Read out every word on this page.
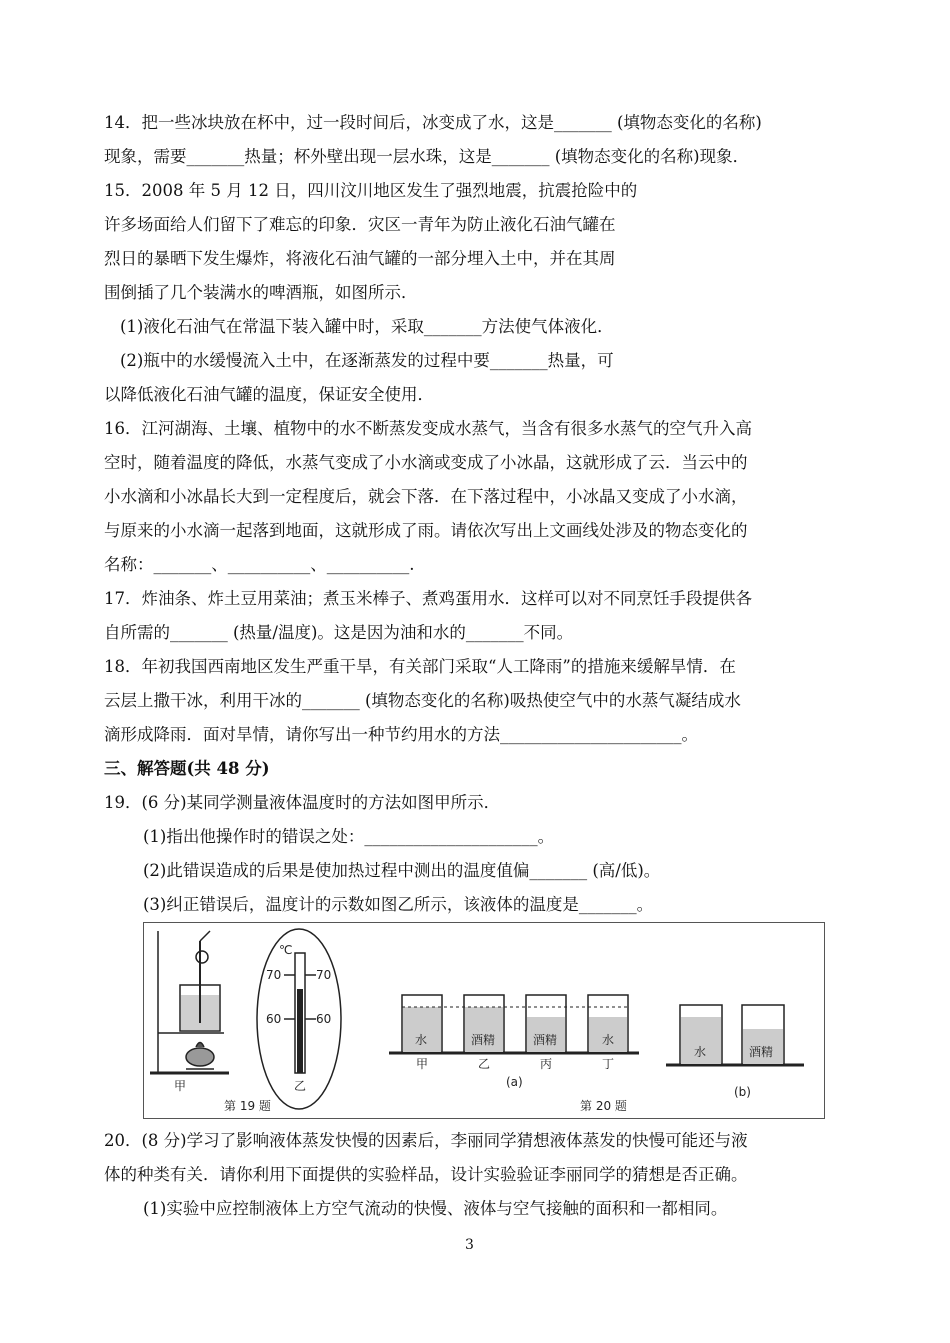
14．把一些冰块放在杯中，过一段时间后，冰变成了水，这是_______ (填物态变化的名称)
现象，需要_______热量；杯外壁出现一层水珠，这是_______ (填物态变化的名称)现象．
15．2008 年 5 月 12 日，四川汶川地区发生了强烈地震，抗震抢险中的
许多场面给人们留下了难忘的印象．灾区一青年为防止液化石油气罐在
烈日的暴晒下发生爆炸，将液化石油气罐的一部分埋入土中，并在其周
围倒插了几个装满水的啤酒瓶，如图所示．
(1)液化石油气在常温下装入罐中时，采取_______方法使气体液化．
(2)瓶中的水缓慢流入土中，在逐渐蒸发的过程中要_______热量，可
以降低液化石油气罐的温度，保证安全使用．
16．江河湖海、土壤、植物中的水不断蒸发变成水蒸气，当含有很多水蒸气的空气升入高
空时，随着温度的降低，水蒸气变成了小水滴或变成了小冰晶，这就形成了云．当云中的
小水滴和小冰晶长大到一定程度后，就会下落．在下落过程中，小冰晶又变成了小水滴，
与原来的小水滴一起落到地面，这就形成了雨。请依次写出上文画线处涉及的物态变化的
名称：_______、__________、__________.
17．炸油条、炸土豆用菜油；煮玉米棒子、煮鸡蛋用水．这样可以对不同烹饪手段提供各
自所需的_______ (热量/温度)。这是因为油和水的_______不同。
18．年初我国西南地区发生严重干旱，有关部门采取“人工降雨”的措施来缓解旱情．在
云层上撒干冰，利用干冰的_______ (填物态变化的名称)吸热使空气中的水蒸气凝结成水
滴形成降雨．面对旱情，请你写出一种节约用水的方法______________________。
三、解答题(共 48 分)
19．(6 分)某同学测量液体温度时的方法如图甲所示．
(1)指出他操作时的错误之处：_____________________。
(2)此错误造成的后果是使加热过程中测出的温度值偏_______ (高/低)。
(3)纠正错误后，温度计的示数如图乙所示，该液体的温度是_______。
甲	乙
℃
70	70
60	60
水	酒精	酒精	水
甲	乙	丙	丁
(a)
水	酒精
(b)
第 19 题	第 20 题
20．(8 分)学习了影响液体蒸发快慢的因素后，李丽同学猜想液体蒸发的快慢可能还与液
体的种类有关．请你利用下面提供的实验样品，设计实验验证李丽同学的猜想是否正确。
(1)实验中应控制液体上方空气流动的快慢、液体与空气接触的面积和一都相同。
3
